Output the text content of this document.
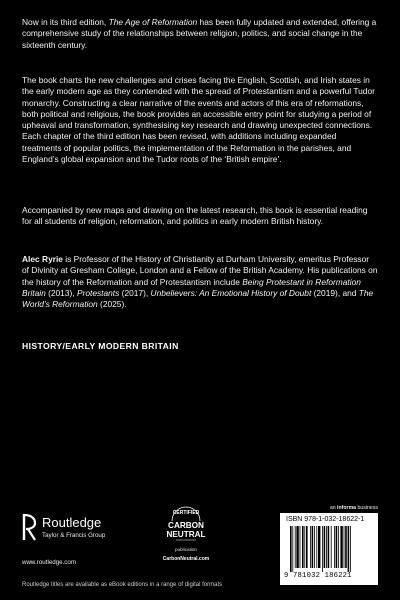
Now in its third edition, The Age of Reformation has been fully updated and extended, offering a comprehensive study of the relationships between religion, politics, and social change in the sixteenth century.
The book charts the new challenges and crises facing the English, Scottish, and Irish states in the early modern age as they contended with the spread of Protestantism and a powerful Tudor monarchy. Constructing a clear narrative of the events and actors of this era of reformations, both political and religious, the book provides an accessible entry point for studying a period of upheaval and transformation, synthesising key research and drawing unexpected connections. Each chapter of the third edition has been revised, with additions including expanded treatments of popular politics, the implementation of the Reformation in the parishes, and England’s global expansion and the Tudor roots of the ‘British empire’.
Accompanied by new maps and drawing on the latest research, this book is essential reading for all students of religion, reformation, and politics in early modern British history.
Alec Ryrie is Professor of the History of Christianity at Durham University, emeritus Professor of Divinity at Gresham College, London and a Fellow of the British Academy. His publications on the history of the Reformation and of Protestantism include Being Protestant in Reformation Britain (2013), Protestants (2017), Unbelievers: An Emotional History of Doubt (2019), and The World’s Reformation (2025).
HISTORY/EARLY MODERN BRITAIN
Routledge
Taylor & Francis Group
www.routledge.com
CERTIFIED
CARBON
NEUTRAL
publication
CarbonNeutral.com
an informa business
ISBN 978-1-032-18622-1
9 781032 186221
Routledge titles are available as eBook editions in a range of digital formats
